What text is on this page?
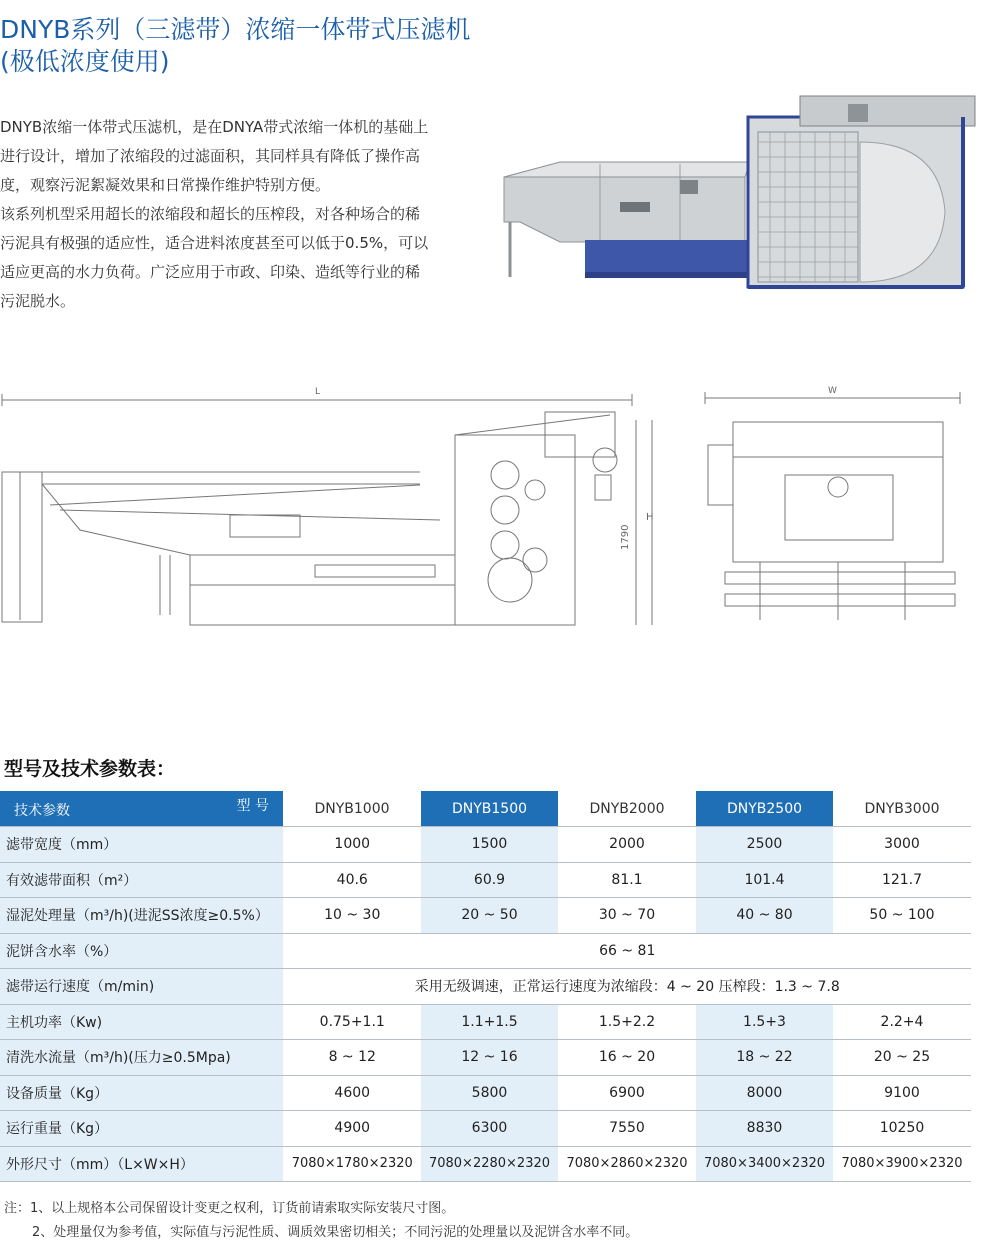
DNYB系列（三滤带）浓缩一体带式压滤机
(极低浓度使用)

DNYB浓缩一体带式压滤机，是在DNYA带式浓缩一体机的基础上

进行设计，增加了浓缩段的过滤面积，其同样具有降低了操作高

度，观察污泥絮凝效果和日常操作维护特别方便。

该系列机型采用超长的浓缩段和超长的压榨段，对各种场合的稀

污泥具有极强的适应性，适合进料浓度甚至可以低于0.5%，可以

适应更高的水力负荷。广泛应用于市政、印染、造纸等行业的稀

污泥脱水。

L	W
1790
H
型号及技术参数表：
型 号
技术参数	DNYB1000	DNYB1500	DNYB2000	DNYB2500	DNYB3000
滤带宽度（mm）	1000	1500	2000	2500	3000
有效滤带面积（m²）	40.6	60.9	81.1	101.4	121.7
湿泥处理量（m³/h)(进泥SS浓度≥0.5%）	10 ~ 30	20 ~ 50	30 ~ 70	40 ~ 80	50 ~ 100
泥饼含水率（%）	66 ~ 81				
滤带运行速度（m/min)	采用无级调速，正常运行速度为浓缩段：4 ~ 20 压榨段：1.3 ~ 7.8				
主机功率（Kw)	0.75+1.1	1.1+1.5	1.5+2.2	1.5+3	2.2+4
清洗水流量（m³/h)(压力≥0.5Mpa)	8 ~ 12	12 ~ 16	16 ~ 20	18 ~ 22	20 ~ 25
设备质量（Kg）	4600	5800	6900	8000	9100
运行重量（Kg）	4900	6300	7550	8830	10250
外形尺寸（mm）（L×W×H）	7080×1780×2320	7080×2280×2320	7080×2860×2320	7080×3400×2320	7080×3900×2320

注：1、以上规格本公司保留设计变更之权利，订货前请索取实际安装尺寸图。

2、处理量仅为参考值，实际值与污泥性质、调质效果密切相关；不同污泥的处理量以及泥饼含水率不同。
